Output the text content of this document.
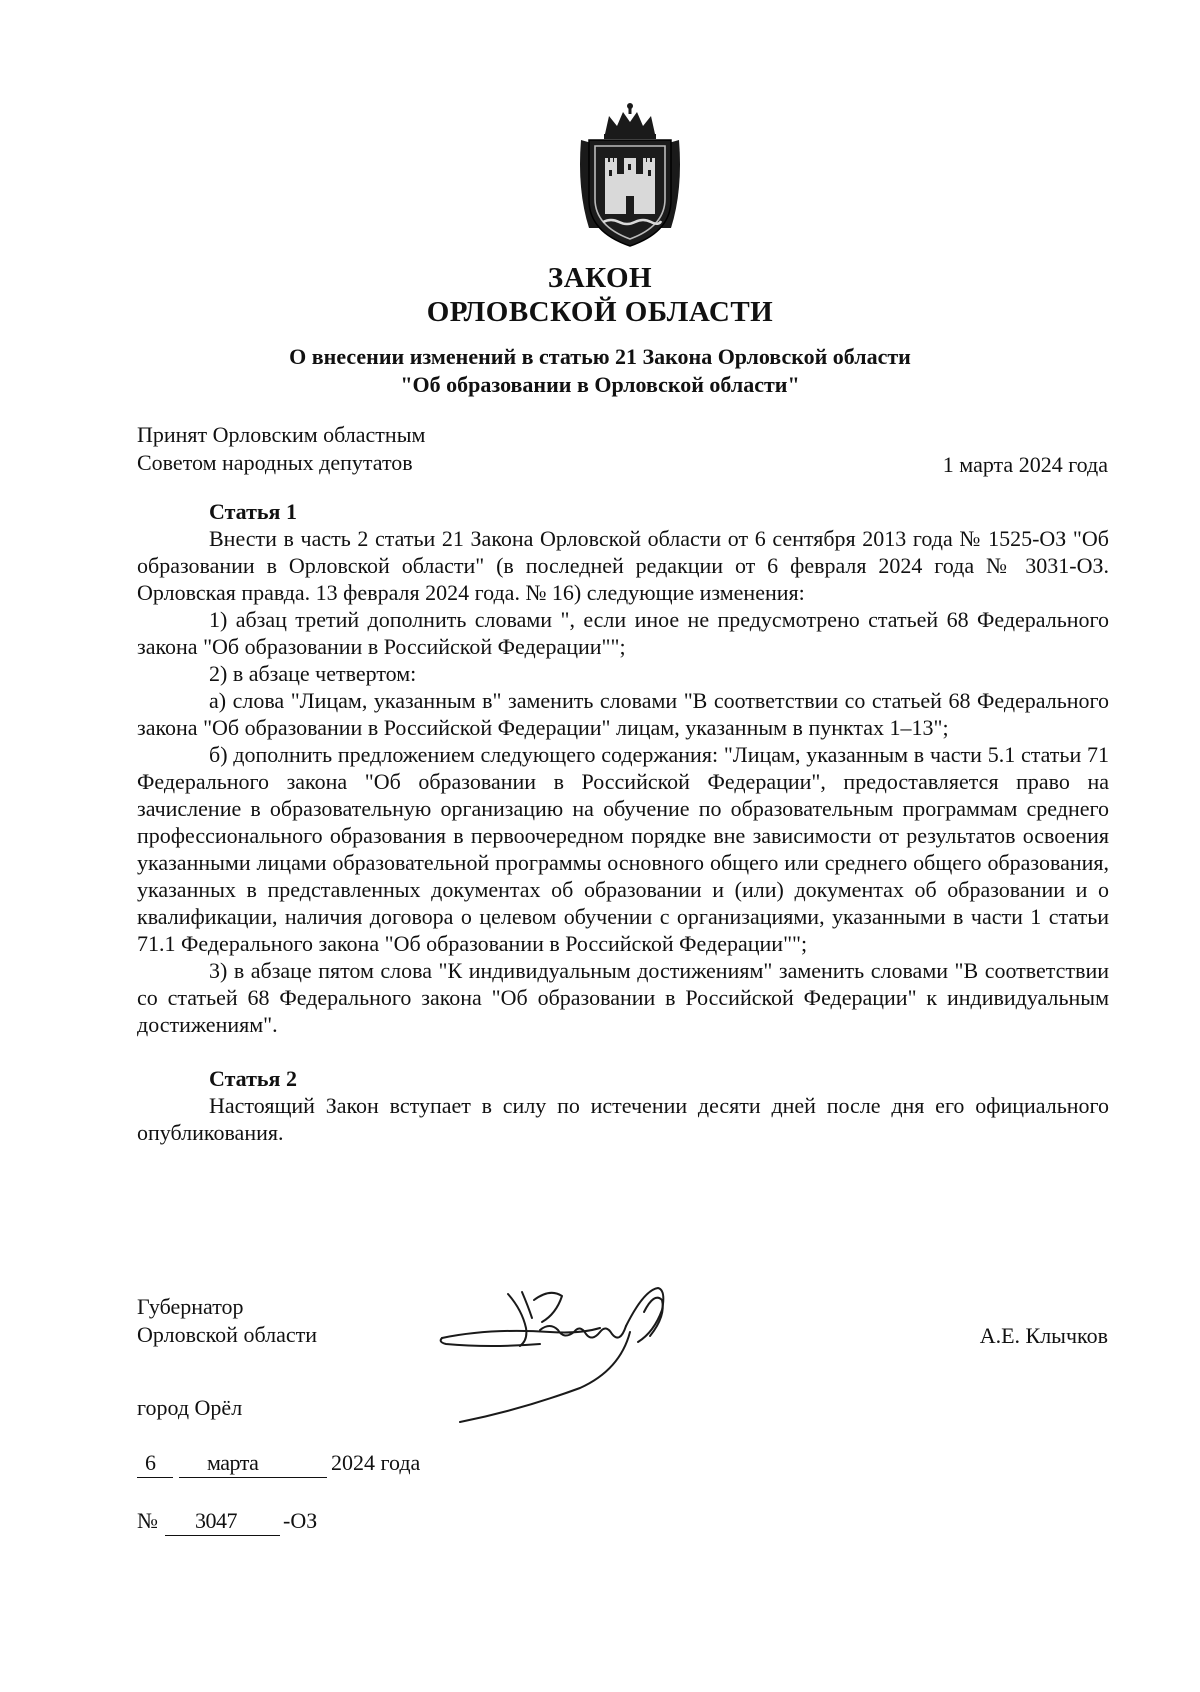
ЗАКОН
ОРЛОВСКОЙ ОБЛАСТИ
О внесении изменений в статью 21 Закона Орловской области
"Об образовании в Орловской области"
Принят Орловским областным
Советом народных депутатов	1 марта 2024 года
Статья 1

Внести в часть 2 статьи 21 Закона Орловской области от 6 сентября 2013 года № 1525-ОЗ "Об образовании в Орловской области" (в последней редакции от 6 февраля 2024 года № 3031-ОЗ. Орловская правда. 13 февраля 2024 года. № 16) следующие изменения:

1) абзац третий дополнить словами ", если иное не предусмотрено статьей 68 Федерального закона "Об образовании в Российской Федерации"";

2) в абзаце четвертом:

а) слова "Лицам, указанным в" заменить словами "В соответствии со статьей 68 Федерального закона "Об образовании в Российской Федерации" лицам, указанным в пунктах 1–13";

б) дополнить предложением следующего содержания: "Лицам, указанным в части 5.1 статьи 71 Федерального закона "Об образовании в Российской Федерации", предоставляется право на зачисление в образовательную организацию на обучение по образовательным программам среднего профессионального образования в первоочередном порядке вне зависимости от результатов освоения указанными лицами образовательной программы основного общего или среднего общего образования, указанных в представленных документах об образовании и (или) документах об образовании и о квалификации, наличия договора о целевом обучении с организациями, указанными в части 1 статьи 71.1 Федерального закона "Об образовании в Российской Федерации"";

3) в абзаце пятом слова "К индивидуальным достижениям" заменить словами "В соответствии со статьей 68 Федерального закона "Об образовании в Российской Федерации" к индивидуальным достижениям".

Статья 2

Настоящий Закон вступает в силу по истечении десяти дней после дня его официального опубликования.

Губернатор
Орловской области	А.Е. Клычков
город Орёл
6 марта	2024 года
№ 3047 -ОЗ
